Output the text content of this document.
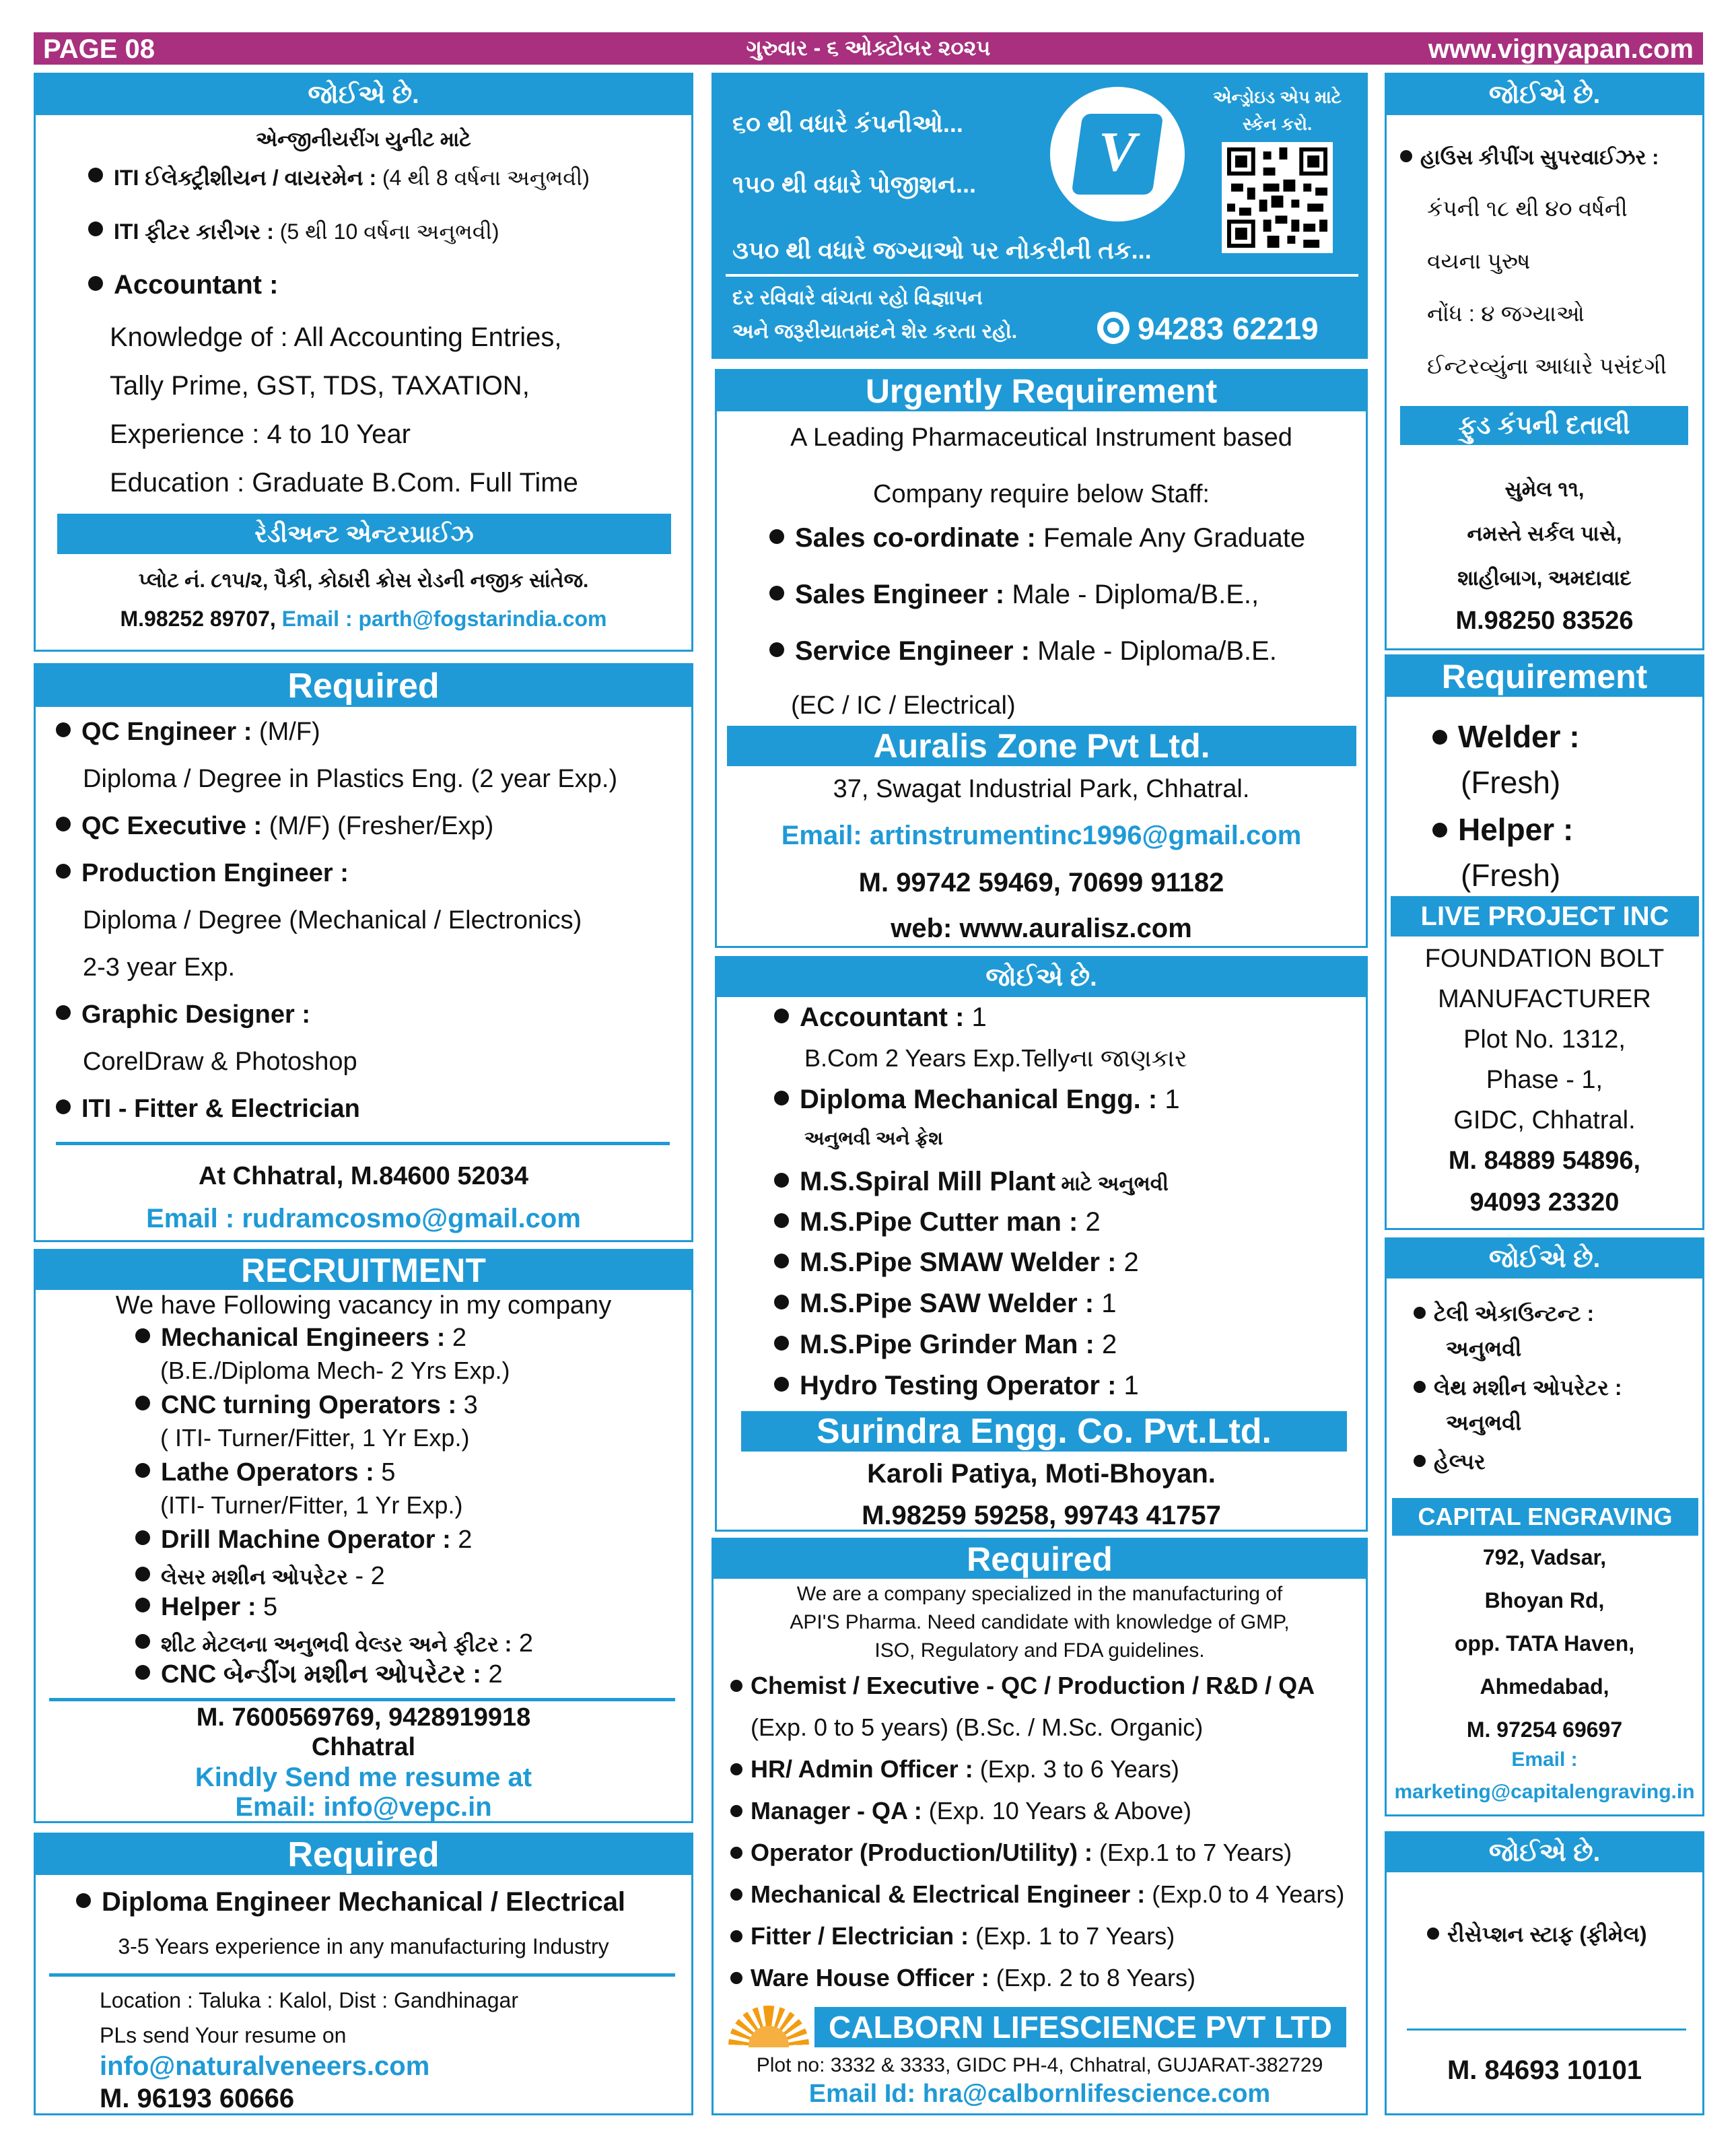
PAGE 08	ગુરુવાર - ૬ ઓક્ટોબર ૨૦૨૫	www.vignyapan.com
જોઈએ છે.
એન્જીનીયરીંગ યુનીટ માટે
ITI ઈલેક્ટ્રીશીયન / વાયરમેન : (4 થી 8 વર્ષના અનુભવી)
ITI ફીટર કારીગર : (5 થી 10 વર્ષના અનુભવી)
Accountant :
Knowledge of : All Accounting Entries,
Tally Prime, GST, TDS, TAXATION,
Experience : 4 to 10 Year
Education : Graduate B.Com. Full Time
રેડીઅન્ટ એન્ટરપ્રાઈઝ
પ્લોટ નં. ૮૧૫/૨, પૈકી, કોઠારી ક્રોસ રોડની નજીક સાંતેજ.
M.98252 89707, Email : parth@fogstarindia.com
Required
QC Engineer : (M/F)
Diploma / Degree in Plastics Eng. (2 year Exp.)
QC Executive : (M/F) (Fresher/Exp)
Production Engineer :
Diploma / Degree (Mechanical / Electronics)
2-3 year Exp.
Graphic Designer :
CorelDraw & Photoshop
ITI - Fitter & Electrician
At Chhatral, M.84600 52034
Email : rudramcosmo@gmail.com
RECRUITMENT
We have Following vacancy in my company
Mechanical Engineers : 2
(B.E./Diploma Mech- 2 Yrs Exp.)
CNC turning Operators : 3
( ITI- Turner/Fitter, 1 Yr Exp.)
Lathe Operators : 5
(ITI- Turner/Fitter, 1 Yr Exp.)
Drill Machine Operator : 2
લેસર મશીન ઓપરેટર - 2
Helper : 5
શીટ મેટલના અનુભવી વેલ્ડર અને ફીટર : 2
CNC બેન્ડીંગ મશીન ઓપરેટર : 2
M. 7600569769, 9428919918
Chhatral
Kindly Send me resume at
Email: info@vepc.in
Required
Diploma Engineer Mechanical / Electrical
3-5 Years experience in any manufacturing Industry
Location : Taluka : Kalol, Dist : Gandhinagar
PLs send Your resume on
info@naturalveneers.com
M. 96193 60666
૬૦ થી વધારે કંપનીઓ...
૧૫૦ થી વધારે પોજીશન...
૩૫૦ થી વધારે જગ્યાઓ પર નોકરીની તક...
દર રવિવારે વાંચતા રહો વિજ્ઞાપન
અને જરૂરીયાતમંદને શેર કરતા રહો.
V
એન્ડ્રોઇડ એપ માટે
સ્કેન કરો.
94283 62219
Urgently Requirement
A Leading Pharmaceutical Instrument based
Company require below Staff:
Sales co-ordinate : Female Any Graduate
Sales Engineer : Male - Diploma/B.E.,
Service Engineer : Male - Diploma/B.E.
(EC / IC / Electrical)
Auralis Zone Pvt Ltd.
37, Swagat Industrial Park, Chhatral.
Email: artinstrumentinc1996@gmail.com
M. 99742 59469, 70699 91182
web: www.auralisz.com
જોઈએ છે.
Accountant : 1
B.Com 2 Years Exp.Tellyના જાણકાર
Diploma Mechanical Engg. : 1
અનુભવી અને ફ્રેશ
M.S.Spiral Mill Plant માટે અનુભવી
M.S.Pipe Cutter man : 2
M.S.Pipe SMAW Welder : 2
M.S.Pipe SAW Welder : 1
M.S.Pipe Grinder Man : 2
Hydro Testing Operator : 1
Surindra Engg. Co. Pvt.Ltd.
Karoli Patiya, Moti-Bhoyan.
M.98259 59258, 99743 41757
Required
We are a company specialized in the manufacturing of
API'S Pharma. Need candidate with knowledge of GMP,
ISO, Regulatory and FDA guidelines.
Chemist / Executive - QC / Production / R&D / QA
(Exp. 0 to 5 years) (B.Sc. / M.Sc. Organic)
HR/ Admin Officer : (Exp. 3 to 6 Years)
Manager - QA : (Exp. 10 Years & Above)
Operator (Production/Utility) : (Exp.1 to 7 Years)
Mechanical & Electrical Engineer : (Exp.0 to 4 Years)
Fitter / Electrician : (Exp. 1 to 7 Years)
Ware House Officer : (Exp. 2 to 8 Years)
CALBORN LIFESCIENCE PVT LTD
Plot no: 3332 & 3333, GIDC PH-4, Chhatral, GUJARAT-382729
Email Id: hra@calbornlifescience.com
જોઈએ છે.
હાઉસ કીપીંગ સુપરવાઈઝર :
કંપની ૧૮ થી ૪૦ વર્ષની
વયના પુરુષ
નોંધ : ૪ જગ્યાઓ
ઈન્ટરવ્યુંના આધારે પસંદગી
ફુડ કંપની દતાલી
સુમેલ ૧૧,
નમસ્તે સર્કલ પાસે,
શાહીબાગ, અમદાવાદ
M.98250 83526
Requirement
Welder :
(Fresh)
Helper :
(Fresh)
LIVE PROJECT INC
FOUNDATION BOLT
MANUFACTURER
Plot No. 1312,
Phase - 1,
GIDC, Chhatral.
M. 84889 54896,
94093 23320
જોઈએ છે.
ટેલી એકાઉન્ટન્ટ :
અનુભવી
લેથ મશીન ઓપરેટર :
અનુભવી
હેલ્પર
CAPITAL ENGRAVING
792, Vadsar,
Bhoyan Rd,
opp. TATA Haven,
Ahmedabad,
M. 97254 69697
Email :
marketing@capitalengraving.in
જોઈએ છે.
રીસેપ્શન સ્ટાફ (ફીમેલ)
M. 84693 10101
